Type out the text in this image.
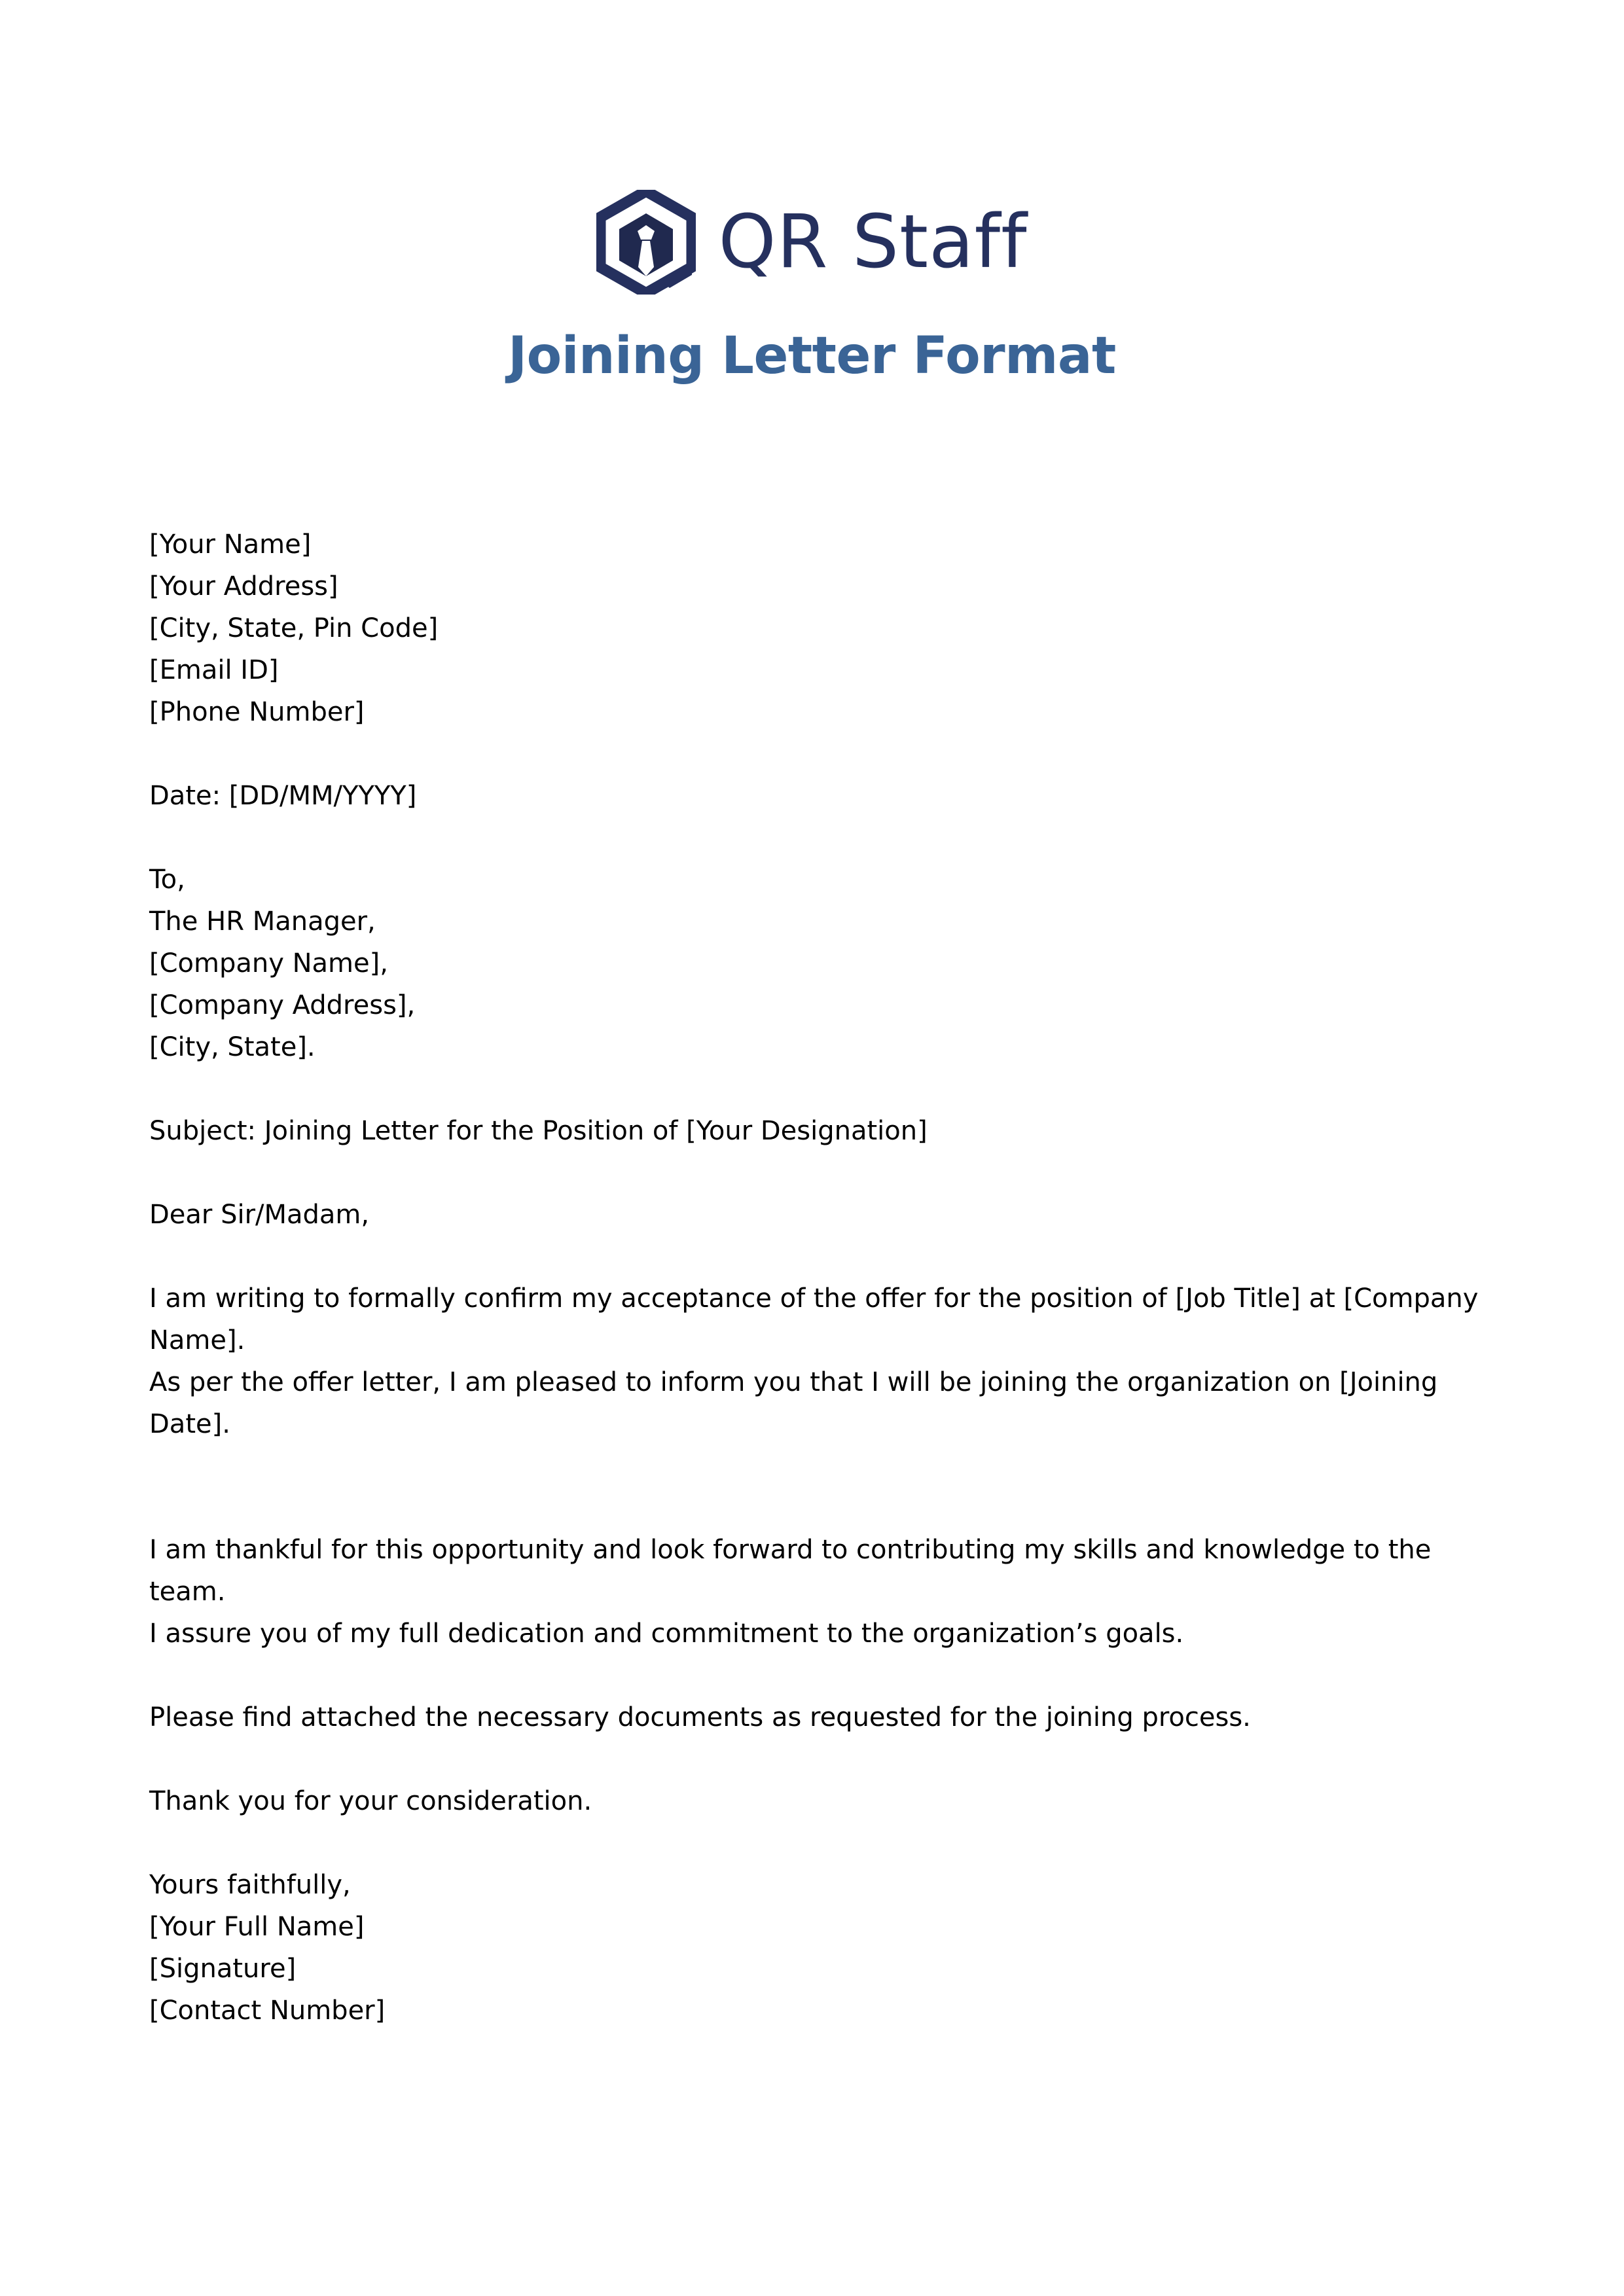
QR Staff
Joining Letter Format
[Your Name]
[Your Address]
[City, State, Pin Code]
[Email ID]
[Phone Number]
Date: [DD/MM/YYYY]
To,
The HR Manager,
[Company Name],
[Company Address],
[City, State].
Subject: Joining Letter for the Position of [Your Designation]
Dear Sir/Madam,
I am writing to formally confirm my acceptance of the offer for the position of [Job Title] at [Company Name].
As per the offer letter, I am pleased to inform you that I will be joining the organization on [Joining Date].
I am thankful for this opportunity and look forward to contributing my skills and knowledge to the team.
I assure you of my full dedication and commitment to the organization’s goals.
Please find attached the necessary documents as requested for the joining process.
Thank you for your consideration.
Yours faithfully,
[Your Full Name]
[Signature]
[Contact Number]
